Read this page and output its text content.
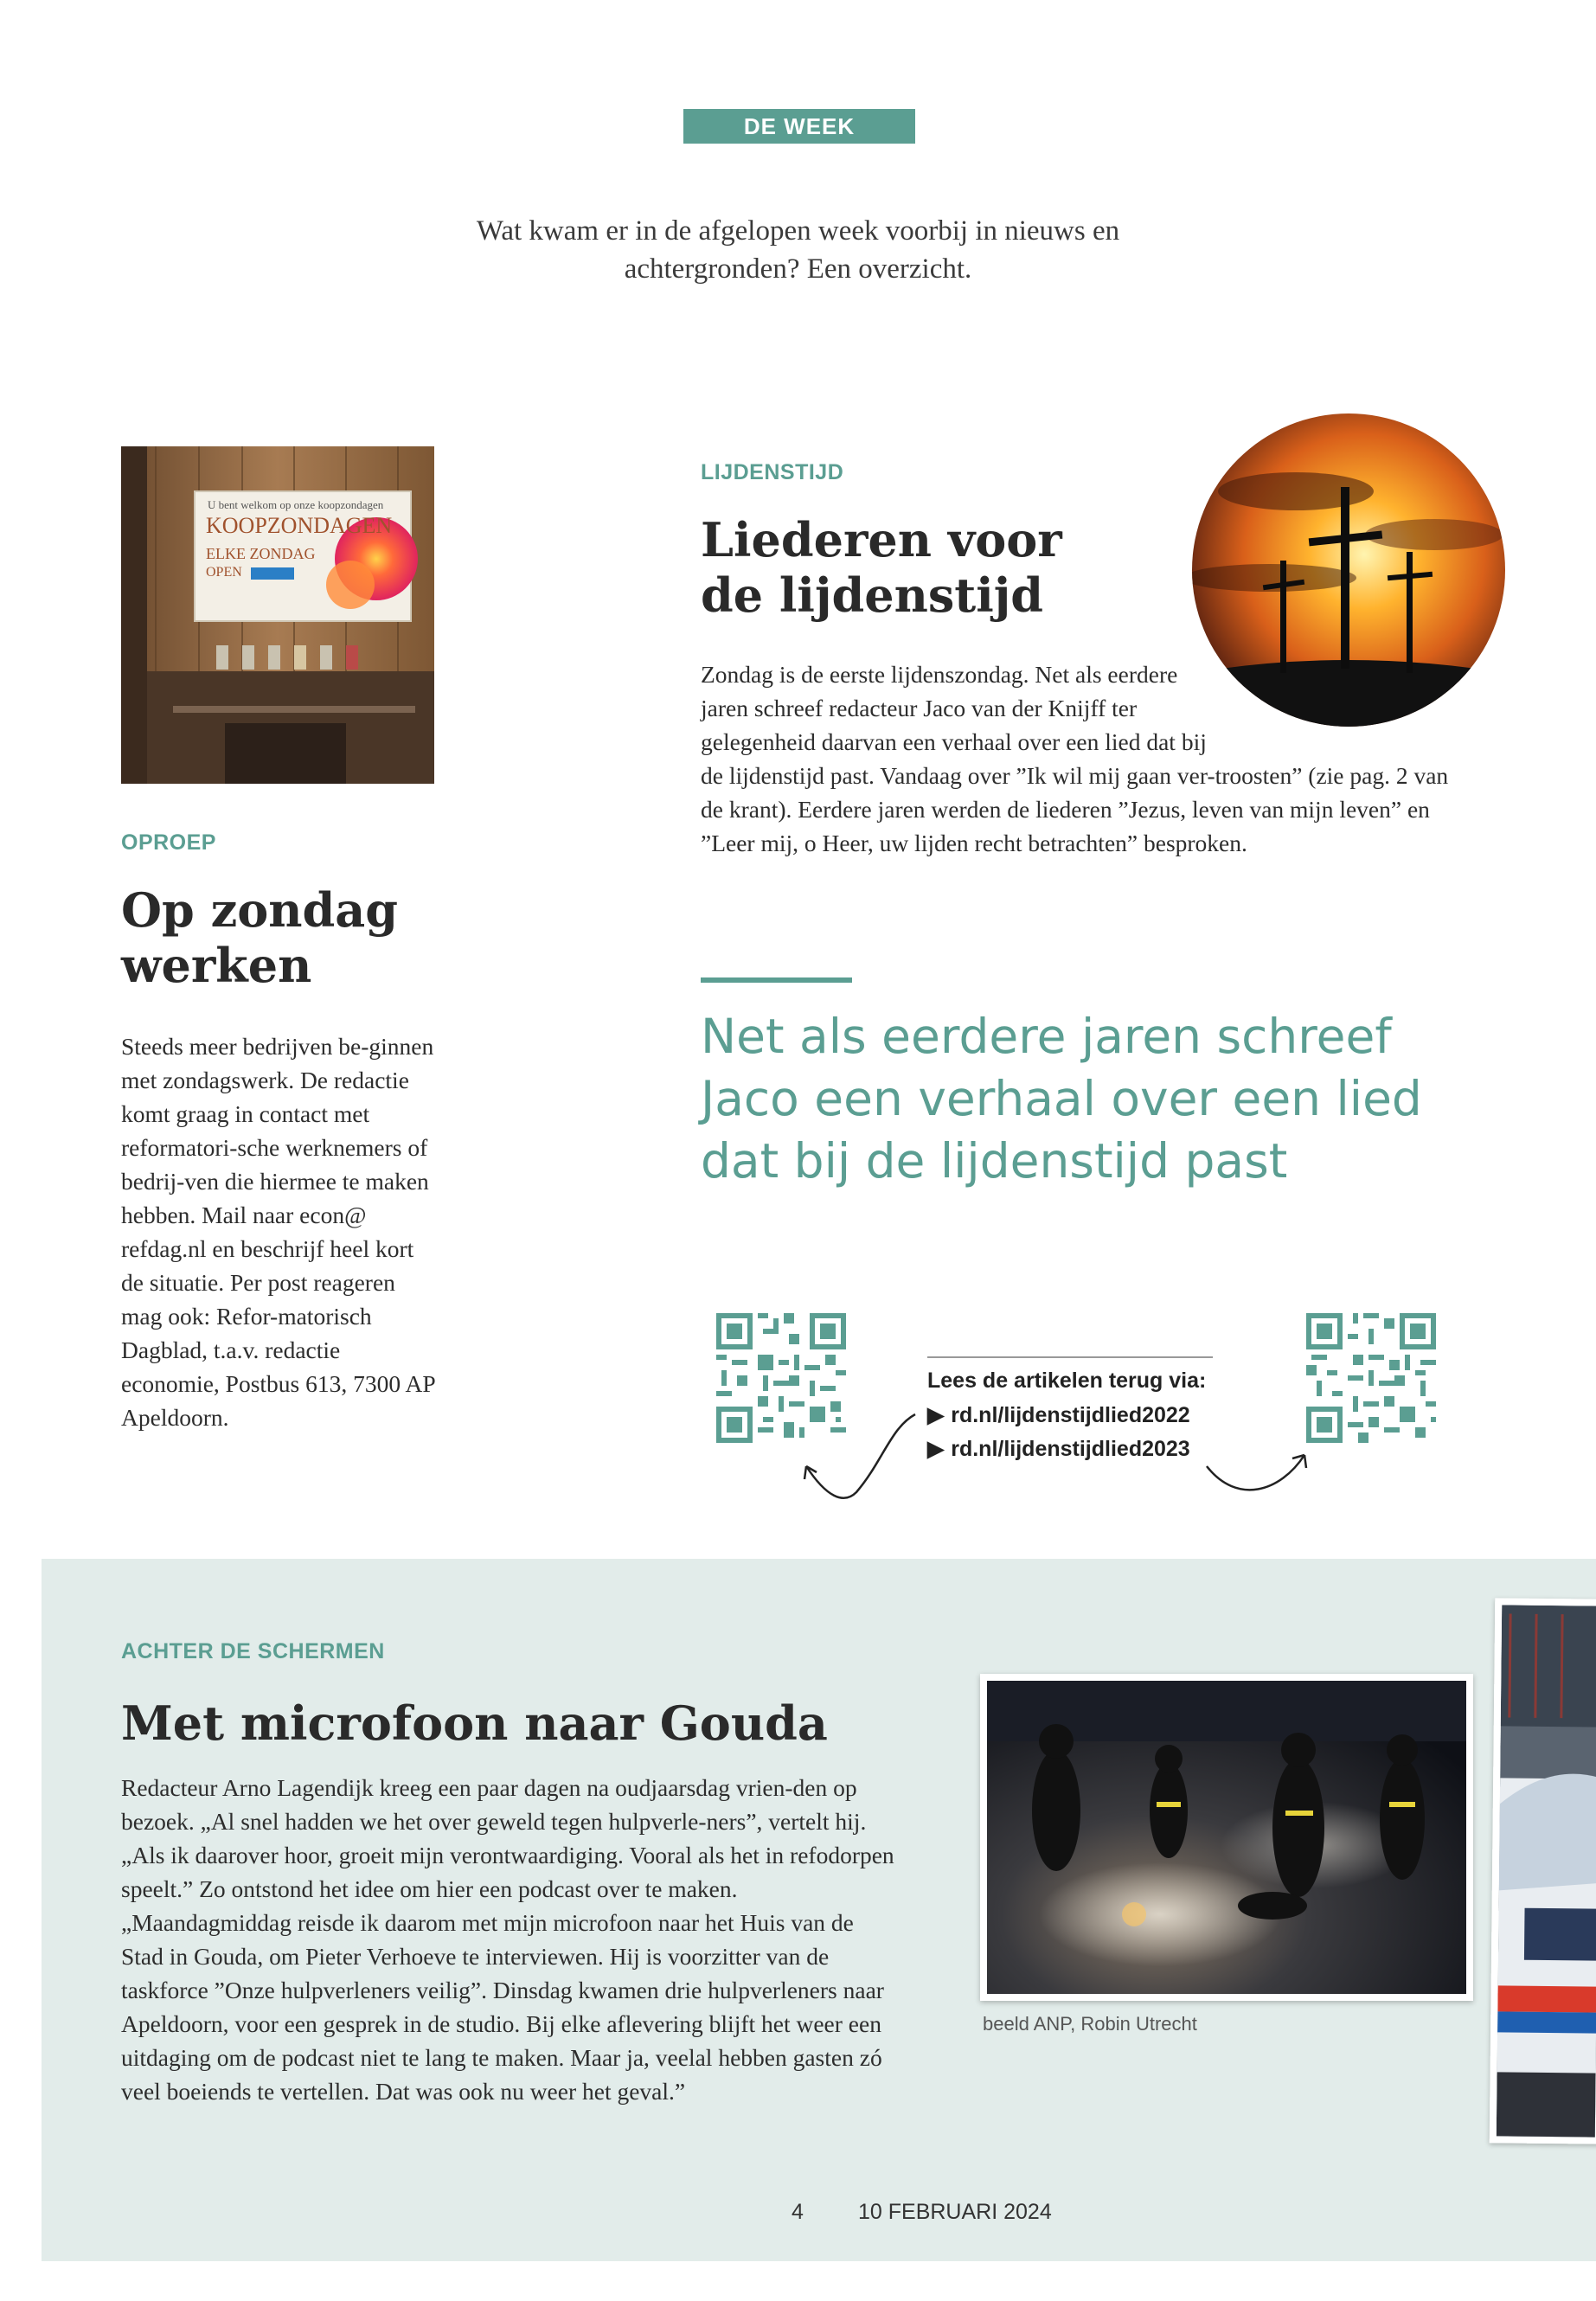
DE WEEK
Wat kwam er in de afgelopen week voorbij in nieuws en achtergronden? Een overzicht.
U bent welkom op onze koopzondagen
KOOPZONDAGEN
ELKE ZONDAG
OPEN
OPROEP
Op zondag werken
Steeds meer bedrijven be-ginnen met zondagswerk. De redactie komt graag in contact met reformatori-sche werknemers of bedrij-ven die hiermee te maken hebben. Mail naar econ@ refdag.nl en beschrijf heel kort de situatie. Per post reageren mag ook: Refor-matorisch Dagblad, t.a.v. redactie economie, Postbus 613, 7300 AP Apeldoorn.
LIJDENSTIJD
Liederen voor de lijdenstijd
Zondag is de eerste lijdenszondag. Net als eerdere jaren schreef redacteur Jaco van der Knijff ter gelegenheid daarvan een verhaal over een lied dat bij de lijdenstijd past. Vandaag over ”Ik wil mij gaan ver-troosten” (zie pag. 2 van de krant). Eerdere jaren werden de liederen ”Jezus, leven van mijn leven” en ”Leer mij, o Heer, uw lijden recht betrachten” besproken.
Net als eerdere jaren schreef Jaco een verhaal over een lied dat bij de lijdenstijd past
Lees de artikelen terug via:
▶ rd.nl/lijdenstijdlied2022
▶ rd.nl/lijdenstijdlied2023
ACHTER DE SCHERMEN
Met microfoon naar Gouda
Redacteur Arno Lagendijk kreeg een paar dagen na oudjaarsdag vrien-den op bezoek. „Al snel hadden we het over geweld tegen hulpverle-ners”, vertelt hij. „Als ik daarover hoor, groeit mijn verontwaardiging. Vooral als het in refodorpen speelt.” Zo ontstond het idee om hier een podcast over te maken. „Maandagmiddag reisde ik daarom met mijn microfoon naar het Huis van de Stad in Gouda, om Pieter Verhoeve te interviewen. Hij is voorzitter van de taskforce ”Onze hulpverleners veilig”. Dinsdag kwamen drie hulpverleners naar Apeldoorn, voor een gesprek in de studio. Bij elke aflevering blijft het weer een uitdaging om de podcast niet te lang te maken. Maar ja, veelal hebben gasten zó veel boeiends te vertellen. Dat was ook nu weer het geval.”
beeld ANP, Robin Utrecht
4	10 FEBRUARI 2024
